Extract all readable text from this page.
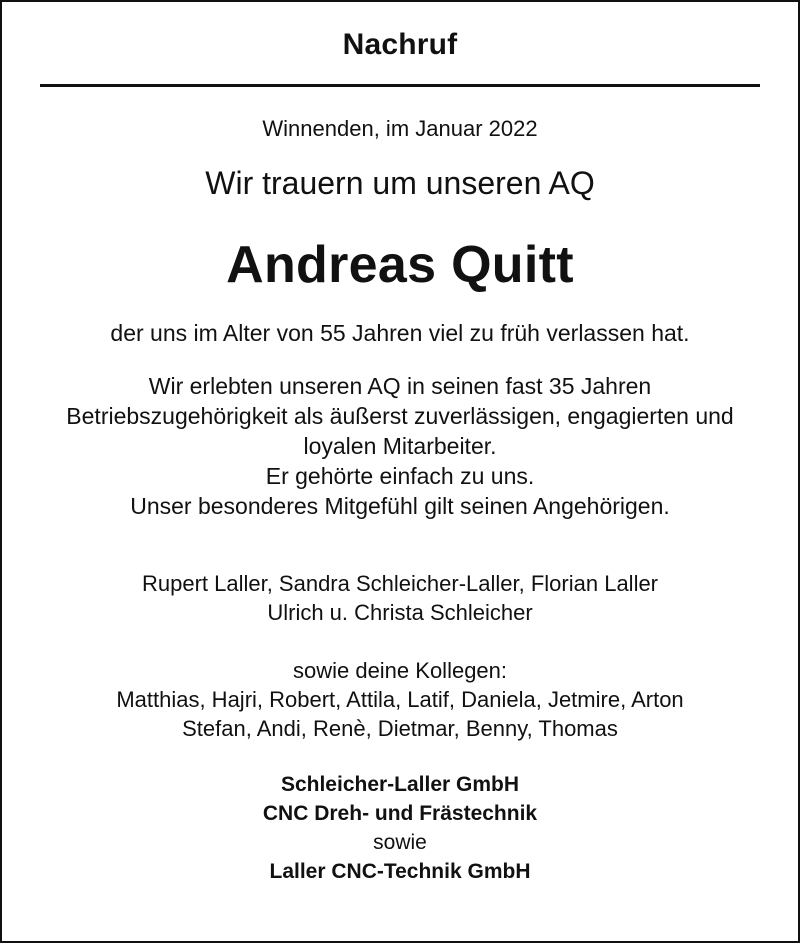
Nachruf
Winnenden, im Januar 2022
Wir trauern um unseren AQ
Andreas Quitt
der uns im Alter von 55 Jahren viel zu früh verlassen hat.
Wir erlebten unseren AQ in seinen fast 35 Jahren
Betriebszugehörigkeit als äußerst zuverlässigen, engagierten und
loyalen Mitarbeiter.
Er gehörte einfach zu uns.
Unser besonderes Mitgefühl gilt seinen Angehörigen.
Rupert Laller, Sandra Schleicher-Laller, Florian Laller
Ulrich u. Christa Schleicher
sowie deine Kollegen:
Matthias, Hajri, Robert, Attila, Latif, Daniela, Jetmire, Arton
Stefan, Andi, Renè, Dietmar, Benny, Thomas
Schleicher-Laller GmbH
CNC Dreh- und Frästechnik
sowie
Laller CNC-Technik GmbH
